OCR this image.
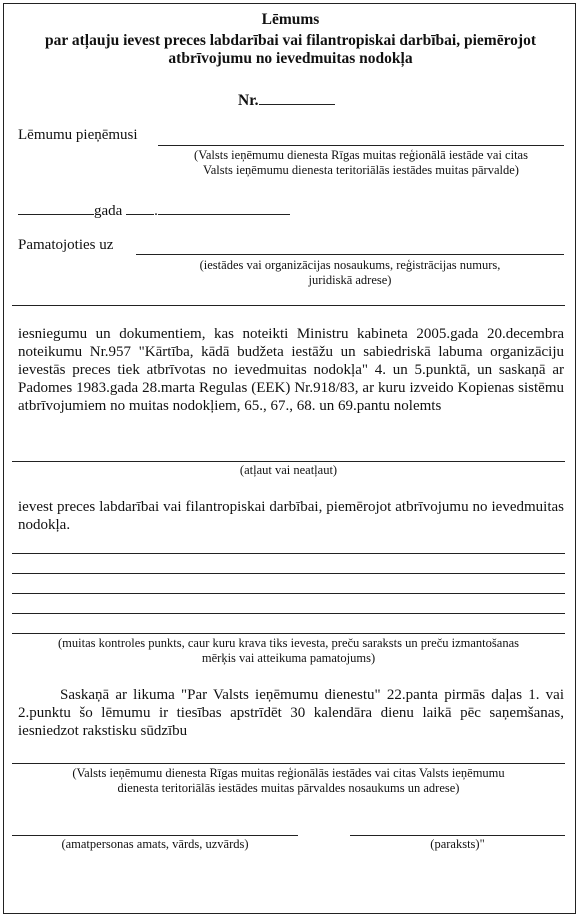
Lēmums
par atļauju ievest preces labdarībai vai filantropiskai darbībai, piemērojot
atbrīvojumu no ievedmuitas nodokļa
Nr.
Lēmumu pieņēmusi
(Valsts ieņēmumu dienesta Rīgas muitas reģionālā iestāde vai citas
Valsts ieņēmumu dienesta teritoriālās iestādes muitas pārvalde)
gada .
Pamatojoties uz
(iestādes vai organizācijas nosaukums, reģistrācijas numurs,
juridiskā adrese)
iesniegumu un dokumentiem, kas noteikti Ministru kabineta 2005.gada 20.decembra noteikumu Nr.957 "Kārtība, kādā budžeta iestāžu un sabiedriskā labuma organizāciju ievestās preces tiek atbrīvotas no ievedmuitas nodokļa" 4. un 5.punktā, un saskaņā ar Padomes 1983.gada 28.marta Regulas (EEK) Nr.918/83, ar kuru izveido Kopienas sistēmu atbrīvojumiem no muitas nodokļiem, 65., 67., 68. un 69.pantu nolemts
(atļaut vai neatļaut)
ievest preces labdarībai vai filantropiskai darbībai, piemērojot atbrīvojumu no ievedmuitas nodokļa.
(muitas kontroles punkts, caur kuru krava tiks ievesta, preču saraksts un preču izmantošanas
mērķis vai atteikuma pamatojums)
Saskaņā ar likuma "Par Valsts ieņēmumu dienestu" 22.panta pirmās daļas 1. vai 2.punktu šo lēmumu ir tiesības apstrīdēt 30 kalendāra dienu laikā pēc saņemšanas, iesniedzot rakstisku sūdzību
(Valsts ieņēmumu dienesta Rīgas muitas reģionālās iestādes vai citas Valsts ieņēmumu
dienesta teritoriālās iestādes muitas pārvaldes nosaukums un adrese)
(amatpersonas amats, vārds, uzvārds)	(paraksts)"
